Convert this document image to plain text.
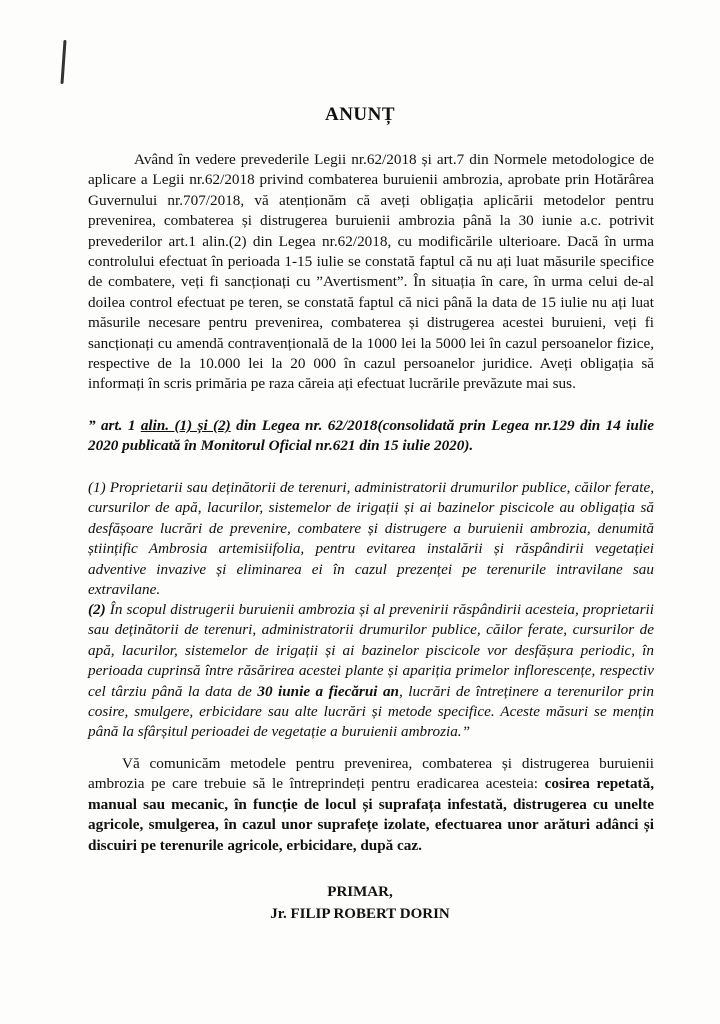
ANUNȚ
Având în vedere prevederile Legii nr.62/2018 și art.7 din Normele metodologice de aplicare a Legii nr.62/2018 privind combaterea buruienii ambrozia, aprobate prin Hotărârea Guvernului nr.707/2018, vă atenționăm că aveți obligația aplicării metodelor pentru prevenirea, combaterea și distrugerea buruienii ambrozia până la 30 iunie a.c. potrivit prevederilor art.1 alin.(2) din Legea nr.62/2018, cu modificările ulterioare. Dacă în urma controlului efectuat în perioada 1-15 iulie se constată faptul că nu ați luat măsurile specifice de combatere, veți fi sancționați cu ”Avertisment”. În situația în care, în urma celui de-al doilea control efectuat pe teren, se constată faptul că nici până la data de 15 iulie nu ați luat măsurile necesare pentru prevenirea, combaterea și distrugerea acestei buruieni, veți fi sancționați cu amendă contravențională de la 1000 lei la 5000 lei în cazul persoanelor fizice, respective de la 10.000 lei la 20 000 în cazul persoanelor juridice. Aveți obligația să informați în scris primăria pe raza căreia ați efectuat lucrările prevăzute mai sus.
” art. 1 alin. (1) și (2) din Legea nr. 62/2018(consolidată prin Legea nr.129 din 14 iulie 2020 publicată în Monitorul Oficial nr.621 din 15 iulie 2020).
(1) Proprietarii sau deținătorii de terenuri, administratorii drumurilor publice, căilor ferate, cursurilor de apă, lacurilor, sistemelor de irigații și ai bazinelor piscicole au obligația să desfășoare lucrări de prevenire, combatere și distrugere a buruienii ambrozia, denumită științific Ambrosia artemisiifolia, pentru evitarea instalării și răspândirii vegetației adventive invazive și eliminarea ei în cazul prezenței pe terenurile intravilane sau extravilane.
(2) În scopul distrugerii buruienii ambrozia și al prevenirii răspândirii acesteia, proprietarii sau deținătorii de terenuri, administratorii drumurilor publice, căilor ferate, cursurilor de apă, lacurilor, sistemelor de irigații și ai bazinelor piscicole vor desfășura periodic, în perioada cuprinsă între răsărirea acestei plante și apariția primelor inflorescențe, respectiv cel târziu până la data de 30 iunie a fiecărui an, lucrări de întreținere a terenurilor prin cosire, smulgere, erbicidare sau alte lucrări și metode specifice. Aceste măsuri se mențin până la sfârșitul perioadei de vegetație a buruienii ambrozia.”
Vă comunicăm metodele pentru prevenirea, combaterea și distrugerea buruienii ambrozia pe care trebuie să le întreprindeți pentru eradicarea acesteia: cosirea repetată, manual sau mecanic, în funcție de locul și suprafața infestată, distrugerea cu unelte agricole, smulgerea, în cazul unor suprafețe izolate, efectuarea unor arături adânci și discuiri pe terenurile agricole, erbicidare, după caz.
PRIMAR,
Jr. FILIP ROBERT DORIN
